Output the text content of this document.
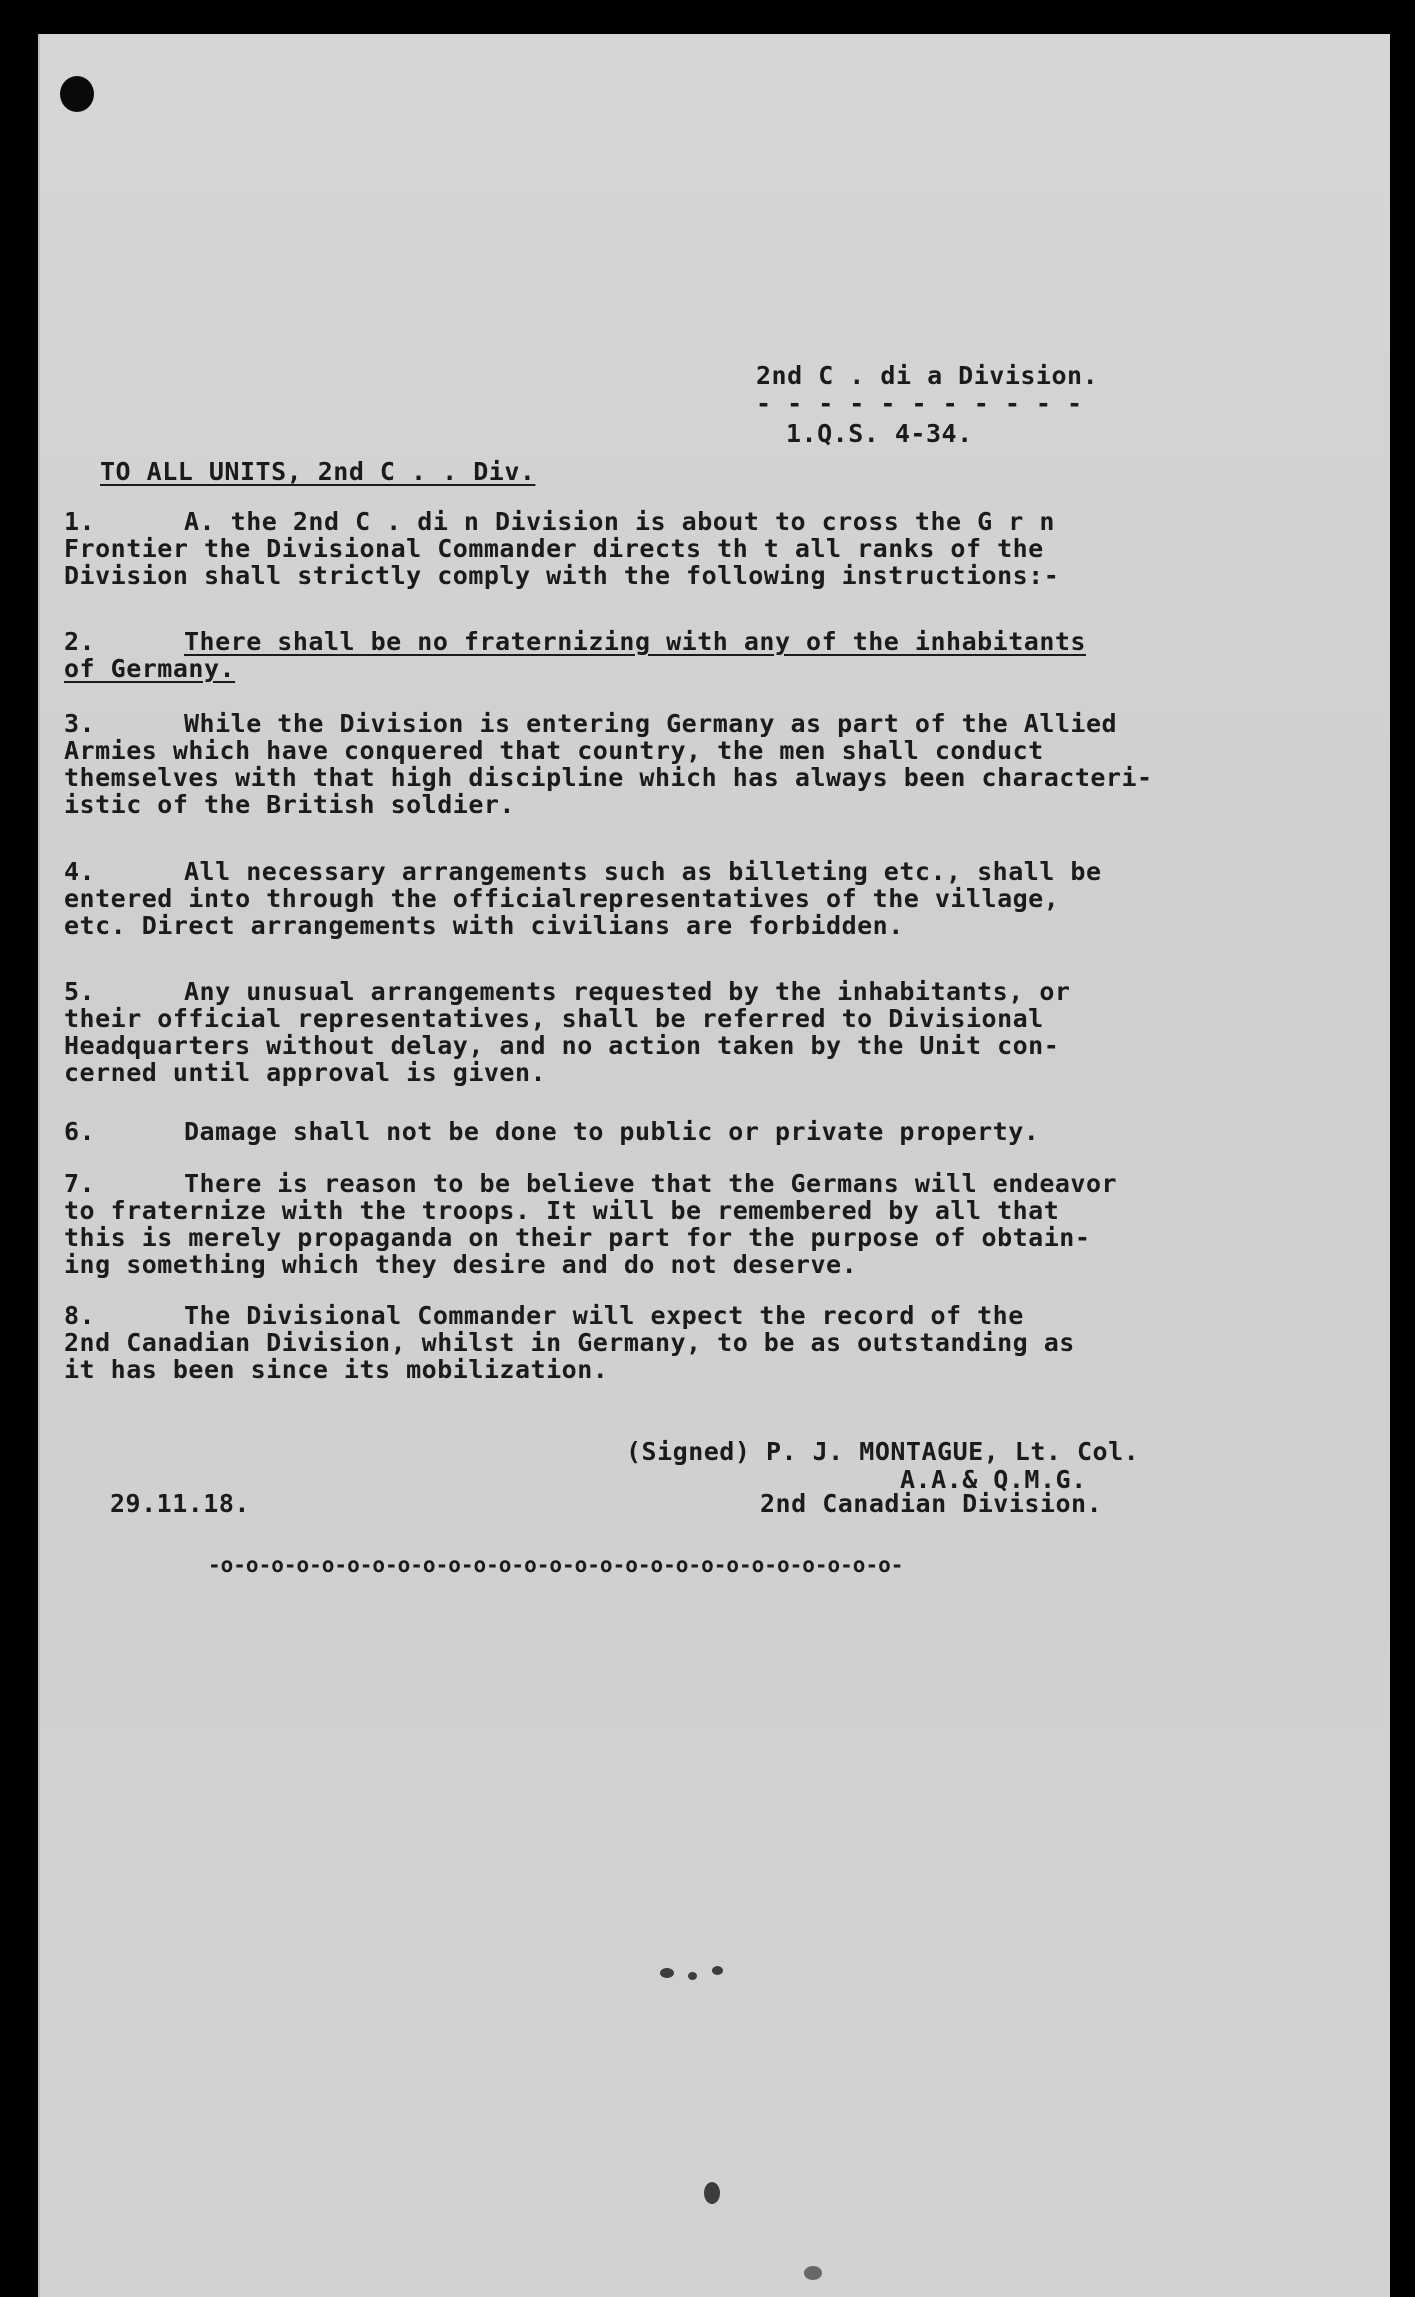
2nd C . di a Division.
- - - - - - - - - - -
1.Q.S. 4-34.
TO ALL UNITS, 2nd C . . Div.
1.	A. the 2nd C . di n Division is about to cross the G r n
Frontier the Divisional Commander directs th t all ranks of the
Division shall strictly comply with the following instructions:-
2.	There shall be no fraternizing with any of the inhabitants
of Germany.
3.	While the Division is entering Germany as part of the Allied
Armies which have conquered that country, the men shall conduct
themselves with that high discipline which has always been characteri-
istic of the British soldier.
4.	All necessary arrangements such as billeting etc., shall be
entered into through the officialrepresentatives of the village,
etc. Direct arrangements with civilians are forbidden.
5.	Any unusual arrangements requested by the inhabitants, or
their official representatives, shall be referred to Divisional
Headquarters without delay, and no action taken by the Unit con-
cerned until approval is given.
6.	Damage shall not be done to public or private property.
7.	There is reason to be believe that the Germans will endeavor
to fraternize with the troops. It will be remembered by all that
this is merely propaganda on their part for the purpose of obtain-
ing something which they desire and do not deserve.
8.	The Divisional Commander will expect the record of the
2nd Canadian Division, whilst in Germany, to be as outstanding as
it has been since its mobilization.
(Signed) P. J. MONTAGUE, Lt. Col.
A.A.& Q.M.G.
29.11.18.	2nd Canadian Division.
-o-o-o-o-o-o-o-o-o-o-o-o-o-o-o-o-o-o-o-o-o-o-o-o-o-o-o-
